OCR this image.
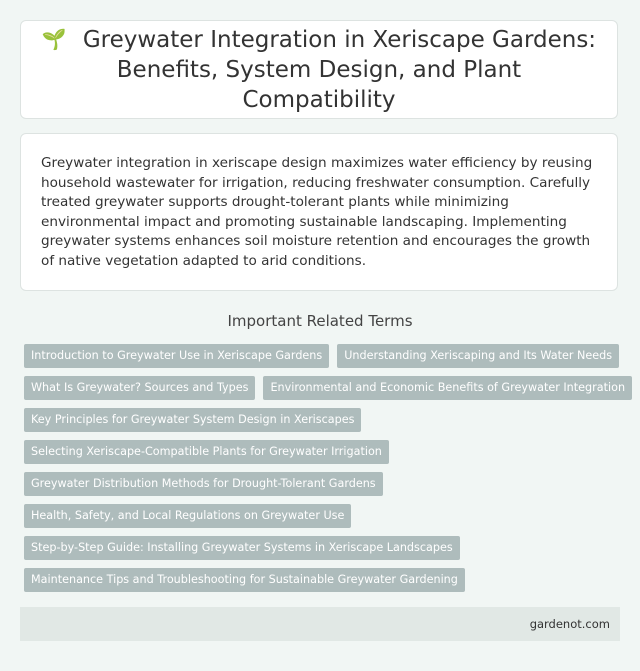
🌱 Greywater Integration in Xeriscape Gardens: Benefits, System Design, and Plant Compatibility

Greywater integration in xeriscape design maximizes water efficiency by reusing household wastewater for irrigation, reducing freshwater consumption. Carefully treated greywater supports drought-tolerant plants while minimizing environmental impact and promoting sustainable landscaping. Implementing greywater systems enhances soil moisture retention and encourages the growth of native vegetation adapted to arid conditions.

Important Related Terms
Introduction to Greywater Use in Xeriscape Gardens	Understanding Xeriscaping and Its Water Needs
What Is Greywater? Sources and Types	Environmental and Economic Benefits of Greywater Integration
Key Principles for Greywater System Design in Xeriscapes
Selecting Xeriscape-Compatible Plants for Greywater Irrigation
Greywater Distribution Methods for Drought-Tolerant Gardens
Health, Safety, and Local Regulations on Greywater Use
Step-by-Step Guide: Installing Greywater Systems in Xeriscape Landscapes
Maintenance Tips and Troubleshooting for Sustainable Greywater Gardening
gardenot.com
